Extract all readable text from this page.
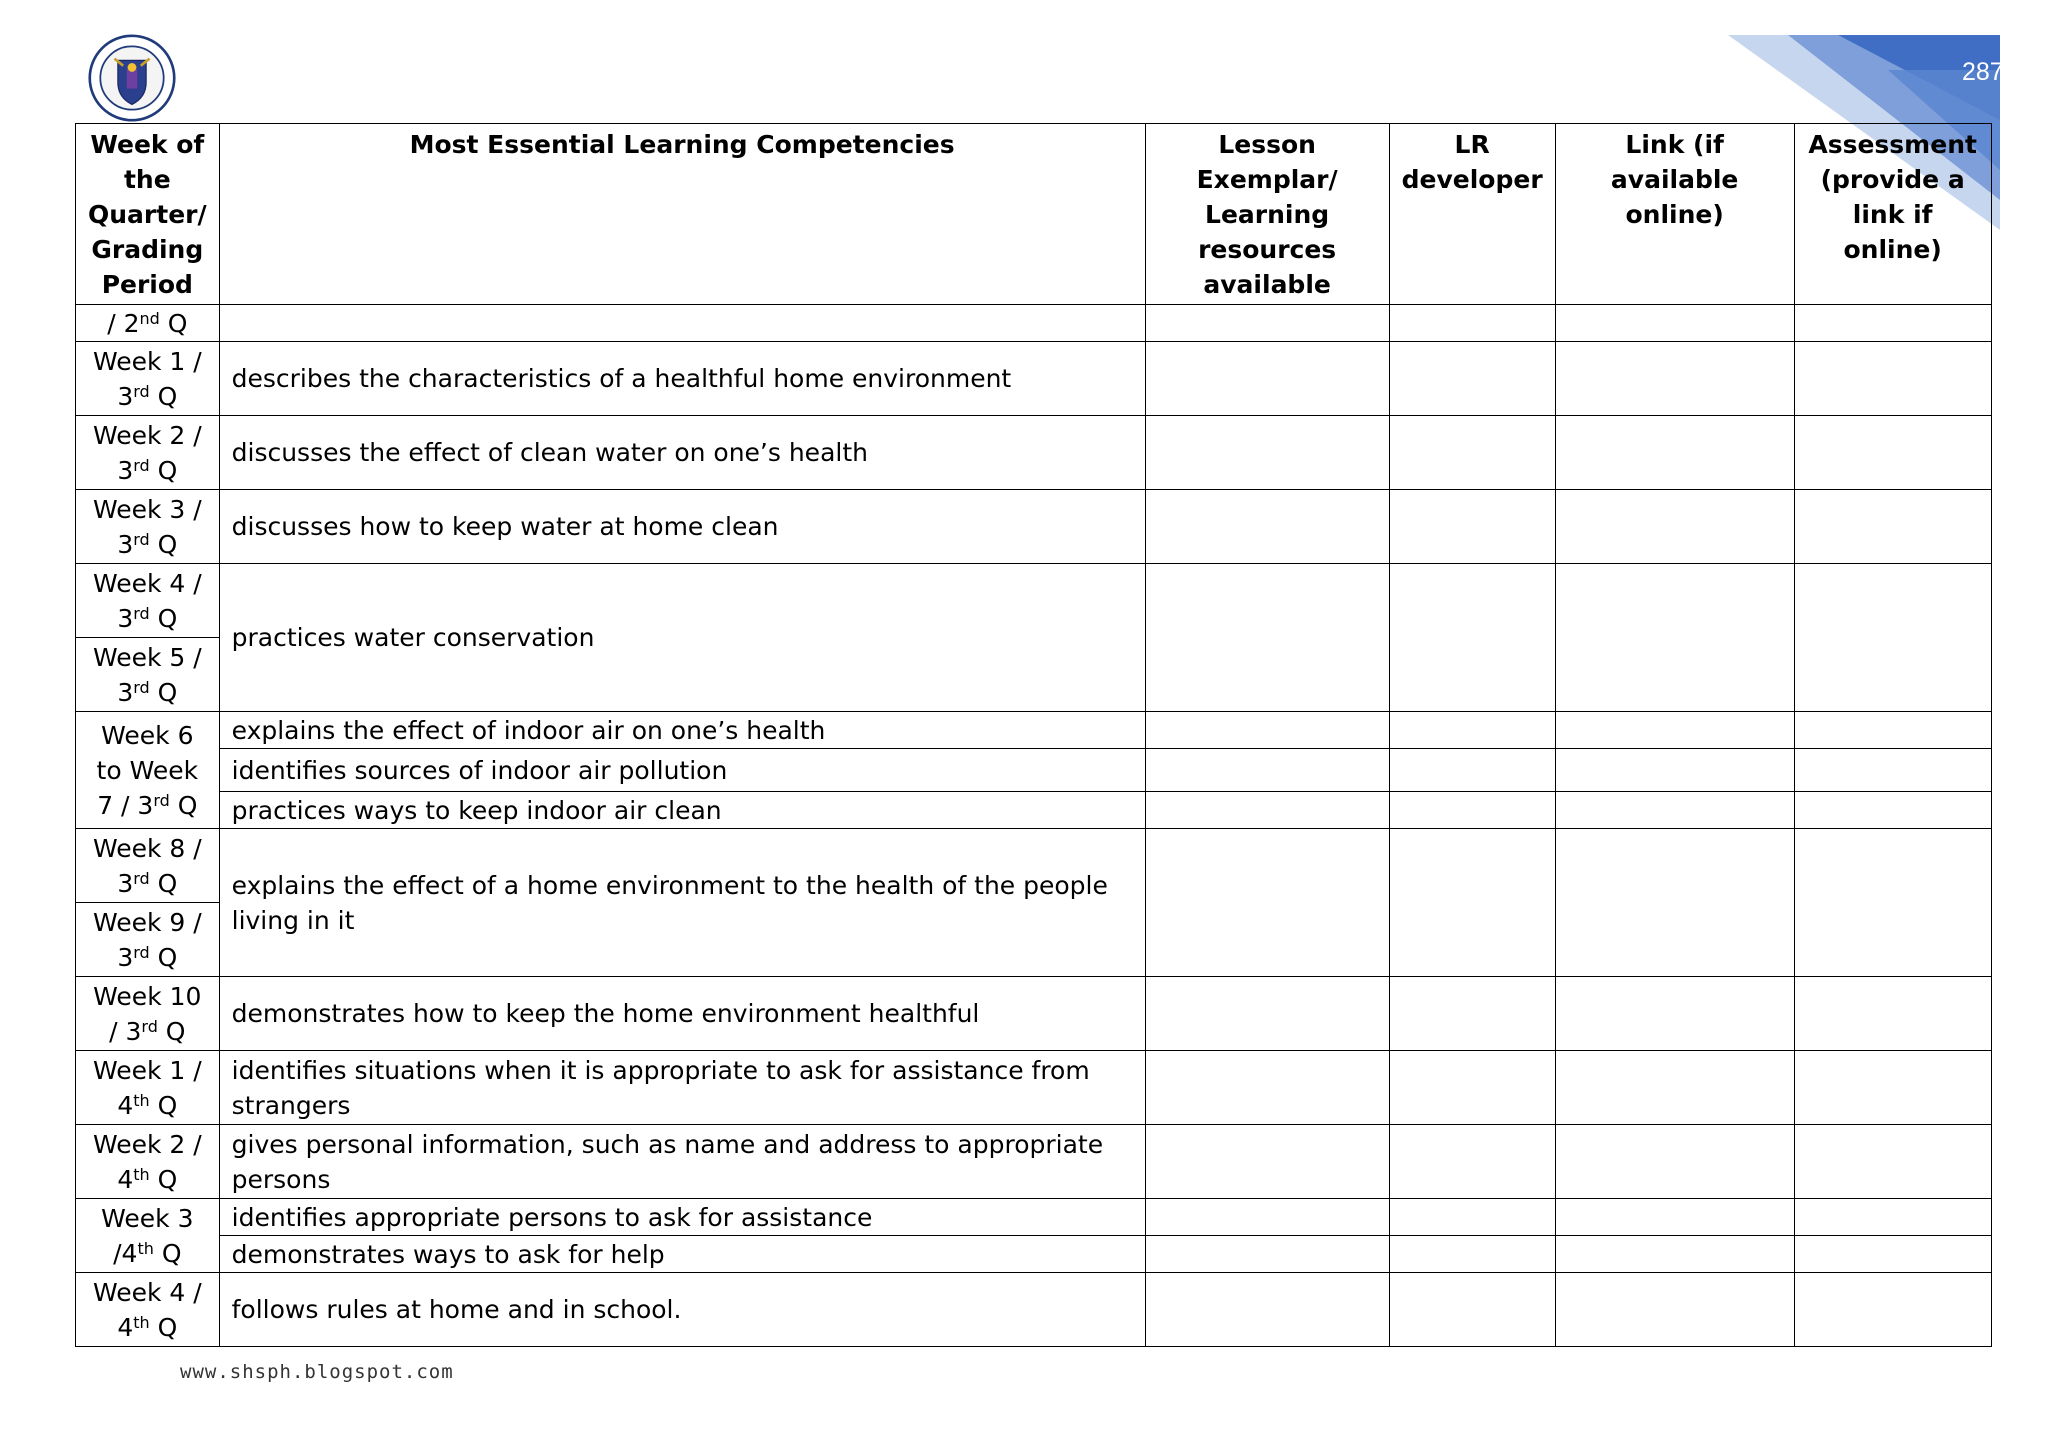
287
Week of the Quarter/ Grading Period	Most Essential Learning Competencies	Lesson Exemplar/ Learning resources available	LR developer	Link (if available online)	Assessment (provide a link if online)
/ 2nd Q					
Week 1 / 3rd Q	describes the characteristics of a healthful home environment				
Week 2 / 3rd Q	discusses the effect of clean water on one’s health				
Week 3 / 3rd Q	discusses how to keep water at home clean				
Week 4 / 3rd Q	practices water conservation				
Week 5 / 3rd Q					
Week 6 to Week 7 / 3rd Q	explains the effect of indoor air on one’s health				
	identifies sources of indoor air pollution				
	practices ways to keep indoor air clean				
Week 8 / 3rd Q	explains the effect of a home environment to the health of the people living in it				
Week 9 / 3rd Q					
Week 10 / 3rd Q	demonstrates how to keep the home environment healthful				
Week 1 / 4th Q	identifies situations when it is appropriate to ask for assistance from strangers				
Week 2 / 4th Q	gives personal information, such as name and address to appropriate persons				
Week 3 /4th Q	identifies appropriate persons to ask for assistance				
	demonstrates ways to ask for help				
Week 4 / 4th Q	follows rules at home and in school.				
www.shsph.blogspot.com
